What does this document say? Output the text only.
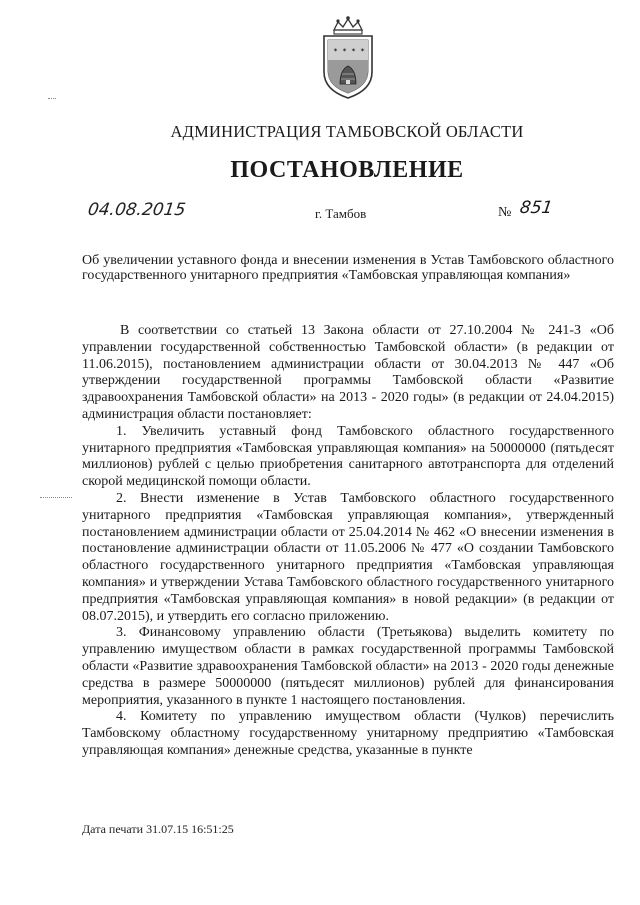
✶ ✶ ✶ ✶
АДМИНИСТРАЦИЯ ТАМБОВСКОЙ ОБЛАСТИ
ПОСТАНОВЛЕНИЕ
04.08.2015	г. Тамбов	№ 851
Об увеличении уставного фонда и внесении изменения в Устав Тамбовского областного государственного унитарного предприятия «Тамбовская управляющая компания»

В соответствии со статьей 13 Закона области от 27.10.2004 № 241-З «Об управлении государственной собственностью Тамбовской области» (в редакции от 11.06.2015), постановлением администрации области от 30.04.2013 № 447 «Об утверждении государственной программы Тамбовской области «Развитие здравоохранения Тамбовской области» на 2013 - 2020 годы» (в редакции от 24.04.2015) администрация области постановляет:

1. Увеличить уставный фонд Тамбовского областного государственного унитарного предприятия «Тамбовская управляющая компания» на 50000000 (пятьдесят миллионов) рублей с целью приобретения санитарного автотранспорта для отделений скорой медицинской помощи области.

2. Внести изменение в Устав Тамбовского областного государственного унитарного предприятия «Тамбовская управляющая компания», утвержденный постановлением администрации области от 25.04.2014 № 462 «О внесении изменения в постановление администрации области от 11.05.2006 № 477 «О создании Тамбовского областного государственного унитарного предприятия «Тамбовская управляющая компания» и утверждении Устава Тамбовского областного государственного унитарного предприятия «Тамбовская управляющая компания» в новой редакции» (в редакции от 08.07.2015), и утвердить его согласно приложению.

3. Финансовому управлению области (Третьякова) выделить комитету по управлению имуществом области в рамках государственной программы Тамбовской области «Развитие здравоохранения Тамбовской области» на 2013 - 2020 годы денежные средства в размере 50000000 (пятьдесят миллионов) рублей для финансирования мероприятия, указанного в пункте 1 настоящего постановления.

4. Комитету по управлению имуществом области (Чулков) перечислить Тамбовскому областному государственному унитарному предприятию «Тамбовская управляющая компания» денежные средства, указанные в пункте

Дата печати 31.07.15 16:51:25
